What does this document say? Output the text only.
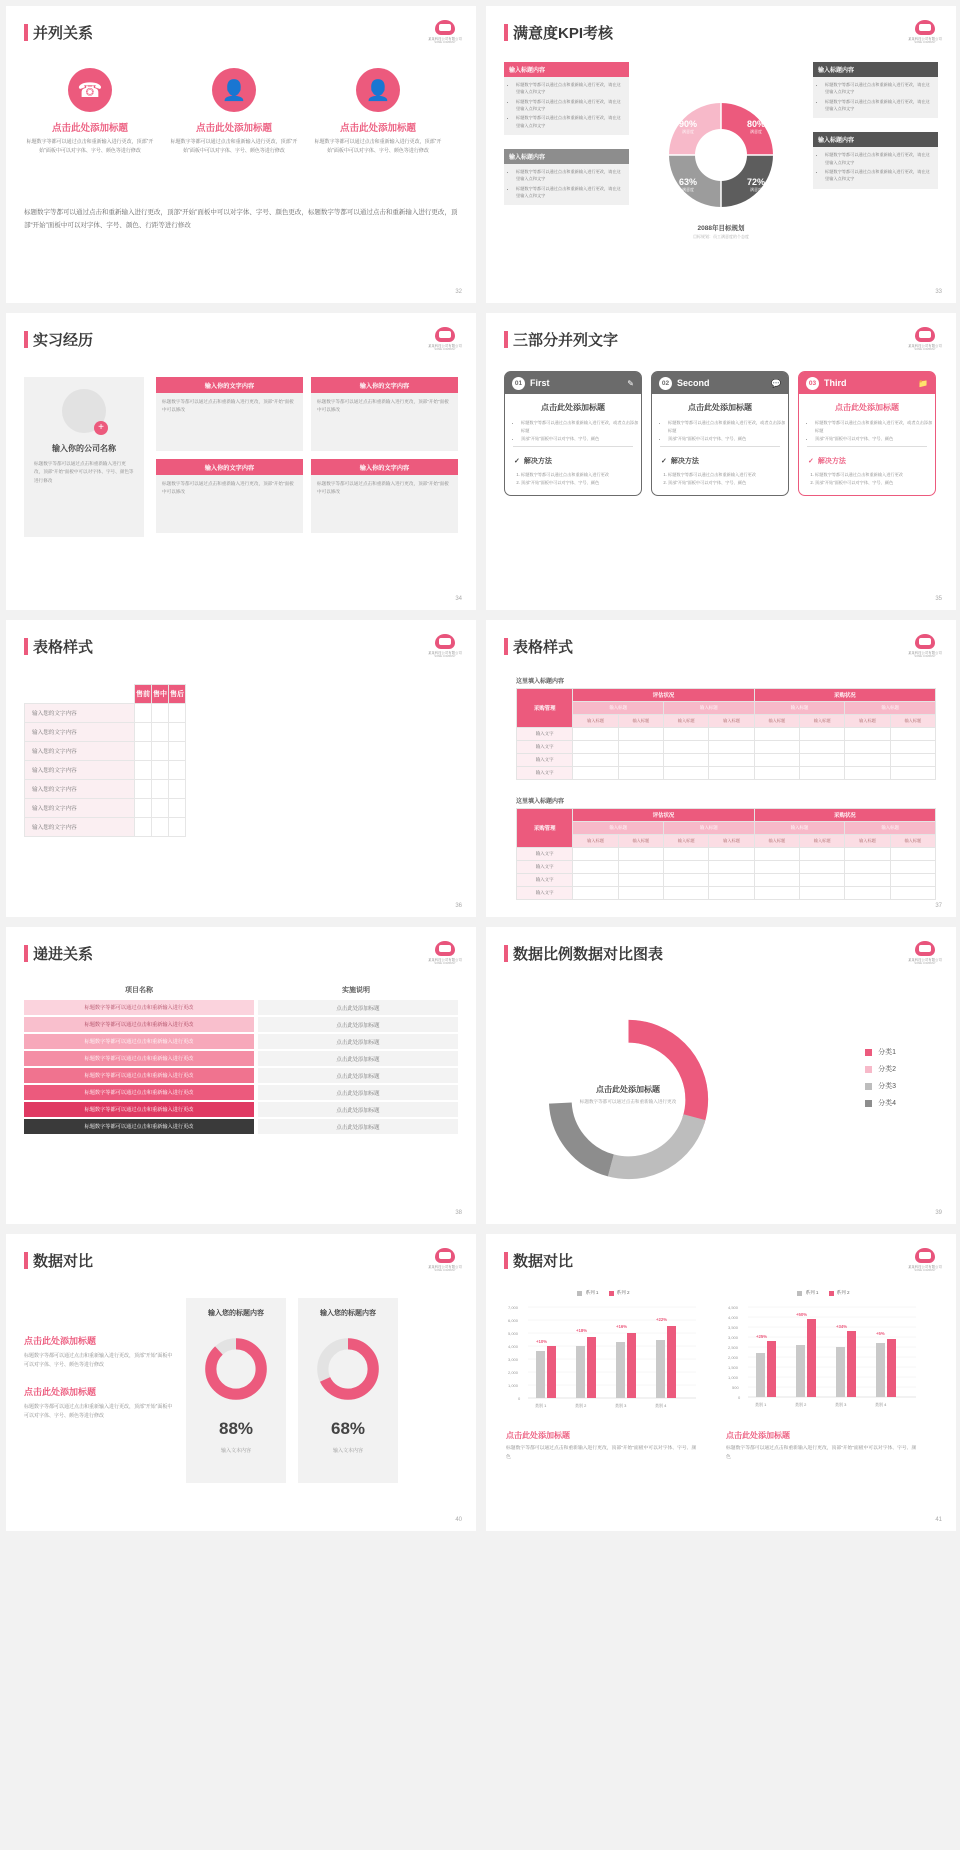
并列关系	某某科技公司有限公司
SOME COMPANY
☎
点击此处添加标题
标题数字等都可以通过点击和重新输入进行更改，顶部“开始”面板中可以对字体、字号、颜色等进行修改
👤
点击此处添加标题
标题数字等都可以通过点击和重新输入进行更改，顶部“开始”面板中可以对字体、字号、颜色等进行修改
👤
点击此处添加标题
标题数字等都可以通过点击和重新输入进行更改，顶部“开始”面板中可以对字体、字号、颜色等进行修改
标题数字等都可以通过点击和重新输入进行更改，顶部“开始”面板中可以对字体、字号、颜色更改，标题数字等都可以通过点击和重新输入进行更改，顶部“开始”面板中可以对字体、字号、颜色、行距等进行修改
32
满意度KPI考核	某某科技公司有限公司
SOME COMPANY
输入标题内容
• 标题数字等都可以通过点击和重新输入进行更改，请在这里输入点和文字
• 标题数字等都可以通过点击和重新输入进行更改，请在这里输入点和文字
• 标题数字等都可以通过点击和重新输入进行更改，请在这里输入点和文字
输入标题内容
• 标题数字等都可以通过点击和重新输入进行更改，请在这里输入点和文字
• 标题数字等都可以通过点击和重新输入进行更改，请在这里输入点和文字
90%
满意度
80%
满意度
63%
满意度
72%
满意度
2088年目标规划
目标规划：员工满意度的个态度
输入标题内容
• 标题数字等都可以通过点击和重新输入进行更改，请在这里输入点和文字
• 标题数字等都可以通过点击和重新输入进行更改，请在这里输入点和文字
输入标题内容
• 标题数字等都可以通过点击和重新输入进行更改，请在这里输入点和文字
• 标题数字等都可以通过点击和重新输入进行更改，请在这里输入点和文字
33
实习经历	某某科技公司有限公司
SOME COMPANY
+
输入你的公司名称
标题数字等都可以通过点击和重新输入进行更改，顶部“开始”面板中可以对字体、字号、颜色等进行修改
输入你的文字内容
标题数字等都可以通过点击和重新输入进行更改，顶部“开始”面板中可以修改
输入你的文字内容
标题数字等都可以通过点击和重新输入进行更改，顶部“开始”面板中可以修改
输入你的文字内容
标题数字等都可以通过点击和重新输入进行更改，顶部“开始”面板中可以修改
输入你的文字内容
标题数字等都可以通过点击和重新输入进行更改，顶部“开始”面板中可以修改
34
三部分并列文字	某某科技公司有限公司
SOME COMPANY
01 First	✎
点击此处添加标题
• 标题数字等都可以通过点击和重新输入进行更改，或者点击添加标题
• 顶部“开始”面板中可以对字体、字号、颜色
✓ 解决方法
1. 标题数字等都可以通过点击和重新输入进行更改
2. 顶部“开始”面板中可以对字体、字号、颜色
02 Second	💬
点击此处添加标题
• 标题数字等都可以通过点击和重新输入进行更改，或者点击添加标题
• 顶部“开始”面板中可以对字体、字号、颜色
✓ 解决方法
1. 标题数字等都可以通过点击和重新输入进行更改
2. 顶部“开始”面板中可以对字体、字号、颜色
03 Third	📁
点击此处添加标题
• 标题数字等都可以通过点击和重新输入进行更改，或者点击添加标题
• 顶部“开始”面板中可以对字体、字号、颜色
✓ 解决方法
1. 标题数字等都可以通过点击和重新输入进行更改
2. 顶部“开始”面板中可以对字体、字号、颜色
35
表格样式	某某科技公司有限公司
SOME COMPANY
	售前	售中	售后
输入您的文字内容			
输入您的文字内容			
输入您的文字内容			
输入您的文字内容			
输入您的文字内容			
输入您的文字内容			
输入您的文字内容			
36
表格样式	某某科技公司有限公司
SOME COMPANY
这里填入标题内容
采购管理	评估状况				采购状况			
	输入标题		输入标题		输入标题		输入标题	
	输入标题	输入标题	输入标题	输入标题	输入标题	输入标题	输入标题	输入标题
输入文字								
输入文字								
输入文字								
输入文字								
这里填入标题内容
采购管理	评估状况				采购状况			
	输入标题		输入标题		输入标题		输入标题	
	输入标题	输入标题	输入标题	输入标题	输入标题	输入标题	输入标题	输入标题
输入文字								
输入文字								
输入文字								
输入文字								
37
递进关系	某某科技公司有限公司
SOME COMPANY
项目名称	实施说明
标题数字等都可以通过点击和重新输入进行更改	点击此处添加标题
标题数字等都可以通过点击和重新输入进行更改	点击此处添加标题
标题数字等都可以通过点击和重新输入进行更改	点击此处添加标题
标题数字等都可以通过点击和重新输入进行更改	点击此处添加标题
标题数字等都可以通过点击和重新输入进行更改	点击此处添加标题
标题数字等都可以通过点击和重新输入进行更改	点击此处添加标题
标题数字等都可以通过点击和重新输入进行更改	点击此处添加标题
标题数字等都可以通过点击和重新输入进行更改	点击此处添加标题
38
数据比例数据对比图表	某某科技公司有限公司
SOME COMPANY
点击此处添加标题
标题数字等都可以通过点击和重新输入进行更改
分类1
分类2
分类3
分类4
39
数据对比	某某科技公司有限公司
SOME COMPANY
点击此处添加标题
标题数字等都可以通过点击和重新输入进行更改，顶部“开始”面板中可以对字体、字号、颜色等进行修改
点击此处添加标题
标题数字等都可以通过点击和重新输入进行更改，顶部“开始”面板中可以对字体、字号、颜色等进行修改
输入您的标题内容
88%
输入文本内容
输入您的标题内容
68%
输入文本内容
40
数据对比	某某科技公司有限公司
SOME COMPANY
系列 1	系列 2
7,000
6,000
5,000
4,000
3,000
2,000
1,000
0
+10%
+18%
+16%
+22%
类别 1	类别 2	类别 3	类别 4
点击此处添加标题
标题数字等都可以通过点击和重新输入进行更改，顶部“开始”面板中可以对字体、字号、颜色
系列 1	系列 2
4,500
4,000
3,500
3,000
2,500
2,000
1,500
1,000
500
0
+25%
+50%
+34%
+5%
类别 1	类别 2	类别 3	类别 4
点击此处添加标题
标题数字等都可以通过点击和重新输入进行更改，顶部“开始”面板中可以对字体、字号、颜色
41
